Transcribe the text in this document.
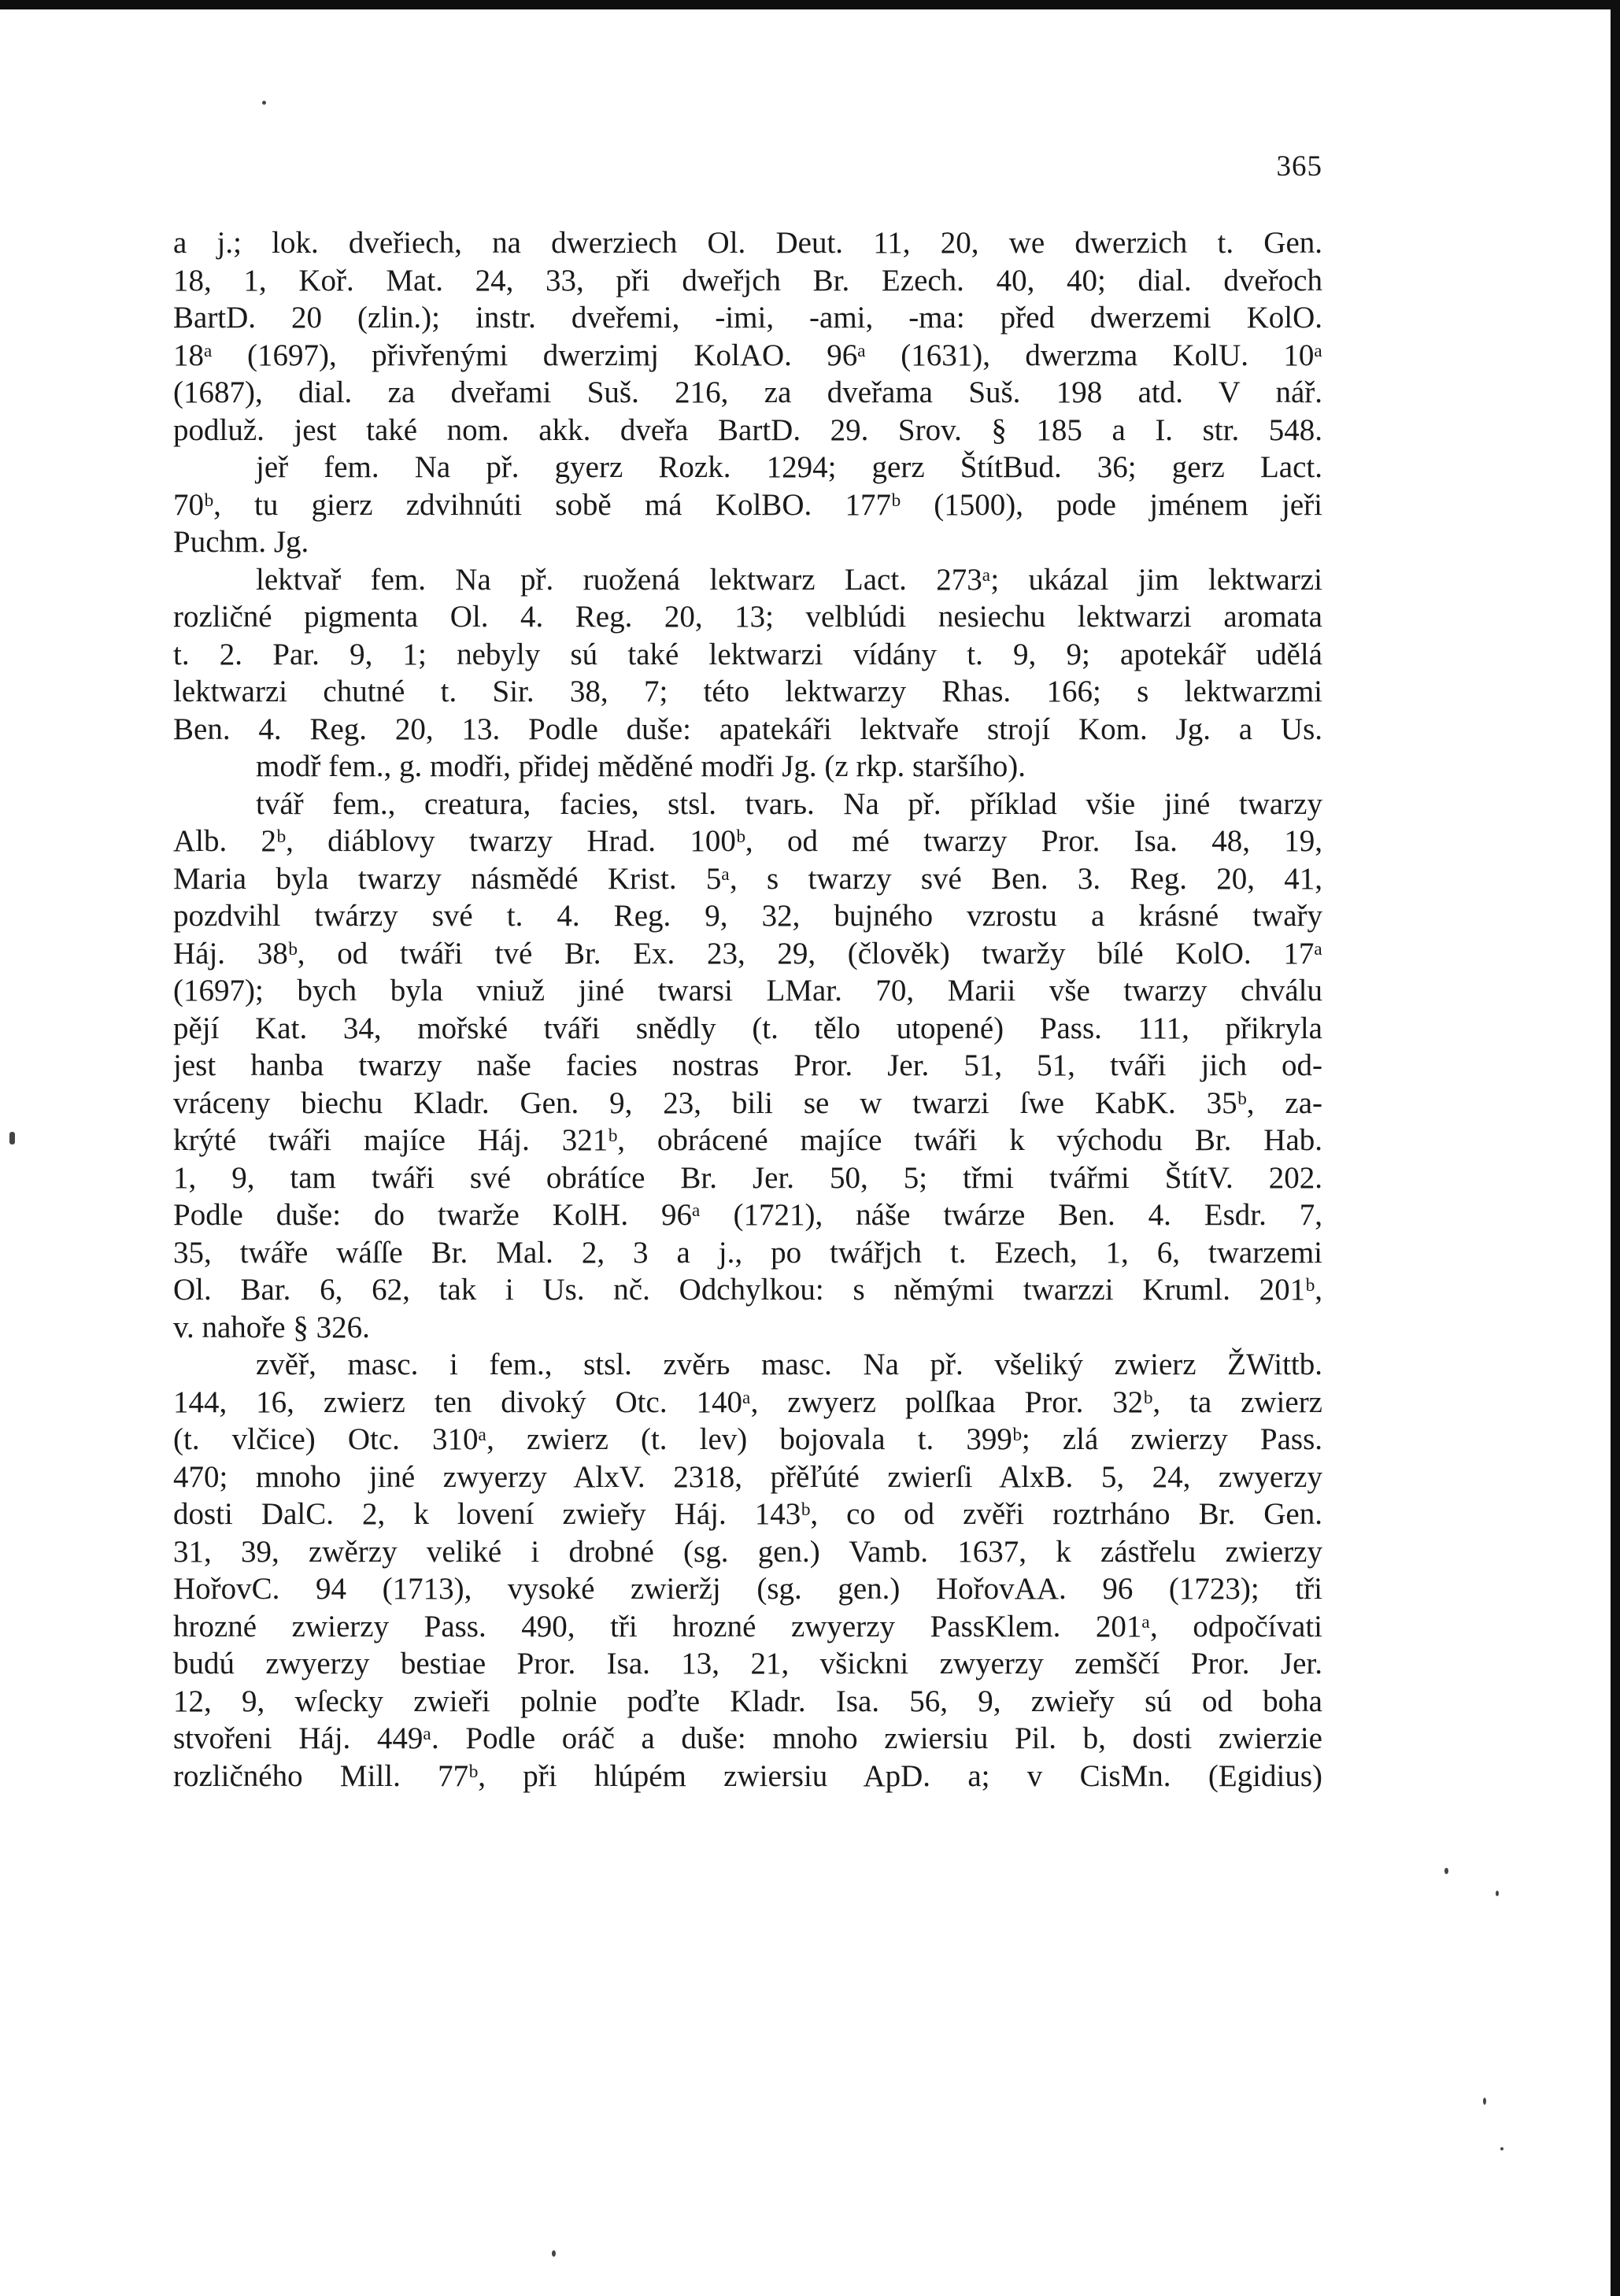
365
a j.; lok. dveřiech, na dwerziech Ol. Deut. 11, 20, we dwerzich t. Gen.
18, 1, Koř. Mat. 24, 33, při dweřjch Br. Ezech. 40, 40; dial. dveřoch
BartD. 20 (zlin.); instr. dveřemi, -imi, -ami, -ma: před dwerzemi KolO.
18ᵃ (1697), přivřenými dwerzimj KolAO. 96ᵃ (1631), dwerzma KolU. 10ᵃ
(1687), dial. za dveřami Suš. 216, za dveřama Suš. 198 atd. V nář.
podluž. jest také nom. akk. dveřa BartD. 29. Srov. § 185 a I. str. 548.
jeř fem. Na př. gyerz Rozk. 1294; gerz ŠtítBud. 36; gerz Lact.
70ᵇ, tu gierz zdvihnúti sobě má KolBO. 177ᵇ (1500), pode jménem jeři
Puchm. Jg.
lektvař fem. Na př. ruožená lektwarz Lact. 273ᵃ; ukázal jim lektwarzi
rozličné pigmenta Ol. 4. Reg. 20, 13; velblúdi nesiechu lektwarzi aromata
t. 2. Par. 9, 1; nebyly sú také lektwarzi vídány t. 9, 9; apotekář udělá
lektwarzi chutné t. Sir. 38, 7; této lektwarzy Rhas. 166; s lektwarzmi
Ben. 4. Reg. 20, 13. Podle duše: apatekáři lektvaře strojí Kom. Jg. a Us.
modř fem., g. modři, přidej měděné modři Jg. (z rkp. staršího).
tvář fem., creatura, facies, stsl. tvarь. Na př. příklad všie jiné twarzy
Alb. 2ᵇ, diáblovy twarzy Hrad. 100ᵇ, od mé twarzy Pror. Isa. 48, 19,
Maria byla twarzy násmědé Krist. 5ᵃ, s twarzy své Ben. 3. Reg. 20, 41,
pozdvihl twárzy své t. 4. Reg. 9, 32, bujného vzrostu a krásné twařy
Háj. 38ᵇ, od twáři tvé Br. Ex. 23, 29, (člověk) twaržy bílé KolO. 17ᵃ
(1697); bych byla vniuž jiné twarsi LMar. 70, Marii vše twarzy chválu
pějí Kat. 34, mořské tváři snědly (t. tělo utopené) Pass. 111, přikryla
jest hanba twarzy naše facies nostras Pror. Jer. 51, 51, tváři jich od-
vráceny biechu Kladr. Gen. 9, 23, bili se w twarzi ſwe KabK. 35ᵇ, za-
krýté twáři majíce Háj. 321ᵇ, obrácené majíce twáři k východu Br. Hab.
1, 9, tam twáři své obrátíce Br. Jer. 50, 5; třmi tvářmi ŠtítV. 202.
Podle duše: do twarže KolH. 96ᵃ (1721), náše twárze Ben. 4. Esdr. 7,
35, twáře wáſſe Br. Mal. 2, 3 a j., po twářjch t. Ezech, 1, 6, twarzemi
Ol. Bar. 6, 62, tak i Us. nč. Odchylkou: s němými twarzzi Kruml. 201ᵇ,
v. nahoře § 326.
zvěř, masc. i fem., stsl. zvěrь masc. Na př. všeliký zwierz ŽWittb.
144, 16, zwierz ten divoký Otc. 140ᵃ, zwyerz polſkaa Pror. 32ᵇ, ta zwierz
(t. vlčice) Otc. 310ᵃ, zwierz (t. lev) bojovala t. 399ᵇ; zlá zwierzy Pass.
470; mnoho jiné zwyerzy AlxV. 2318, přěľúté zwierſi AlxB. 5, 24, zwyerzy
dosti DalC. 2, k lovení zwieřy Háj. 143ᵇ, co od zvěři roztrháno Br. Gen.
31, 39, zwěrzy veliké i drobné (sg. gen.) Vamb. 1637, k zástřelu zwierzy
HořovC. 94 (1713), vysoké zwieržj (sg. gen.) HořovAA. 96 (1723); tři
hrozné zwierzy Pass. 490, tři hrozné zwyerzy PassKlem. 201ᵃ, odpočívati
budú zwyerzy bestiae Pror. Isa. 13, 21, všickni zwyerzy zemščí Pror. Jer.
12, 9, wſecky zwieři polnie poďte Kladr. Isa. 56, 9, zwieřy sú od boha
stvořeni Háj. 449ᵃ. Podle oráč a duše: mnoho zwiersiu Pil. b, dosti zwierzie
rozličného Mill. 77ᵇ, při hlúpém zwiersiu ApD. a; v CisMn. (Egidius)
